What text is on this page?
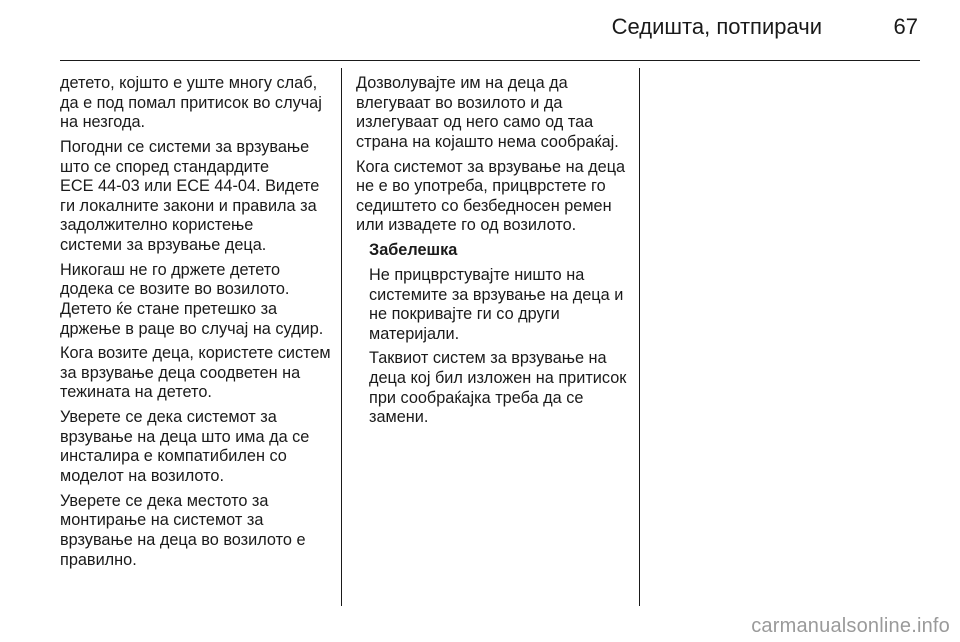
Седишта, потпирачи	67

детето, којшто е уште многу слаб,
да е под помал притисок во случај
на незгода.

Погодни се системи за врзување
што се според стандардите
ECE 44-03 или ECE 44-04. Видете
ги локалните закони и правила за
задолжително користење
системи за врзување деца.

Никогаш не го држете детето
додека се возите во возилото.
Детето ќе стане претешко за
држење в раце во случај на судир.

Кога возите деца, користете систем
за врзување деца соодветен на
тежината на детето.

Уверете се дека системот за
врзување на деца што има да се
инсталира е компатибилен со
моделот на возилото.

Уверете се дека местото за
монтирање на системот за
врзување на деца во возилото е
правилно.

Дозволувајте им на деца да
влегуваат во возилото и да
излегуваат од него само од таа
страна на којашто нема сообраќај.

Кога системот за врзување на деца
не е во употреба, прицврстете го
седиштето со безбедносен ремен
или извадете го од возилото.

Забелешка

Не прицврстувајте ништо на
системите за врзување на деца и
не покривајте ги со други
материјали.

Таквиот систем за врзување на
деца кој бил изложен на притисок
при сообраќајка треба да се
замени.

carmanualsonline.info
